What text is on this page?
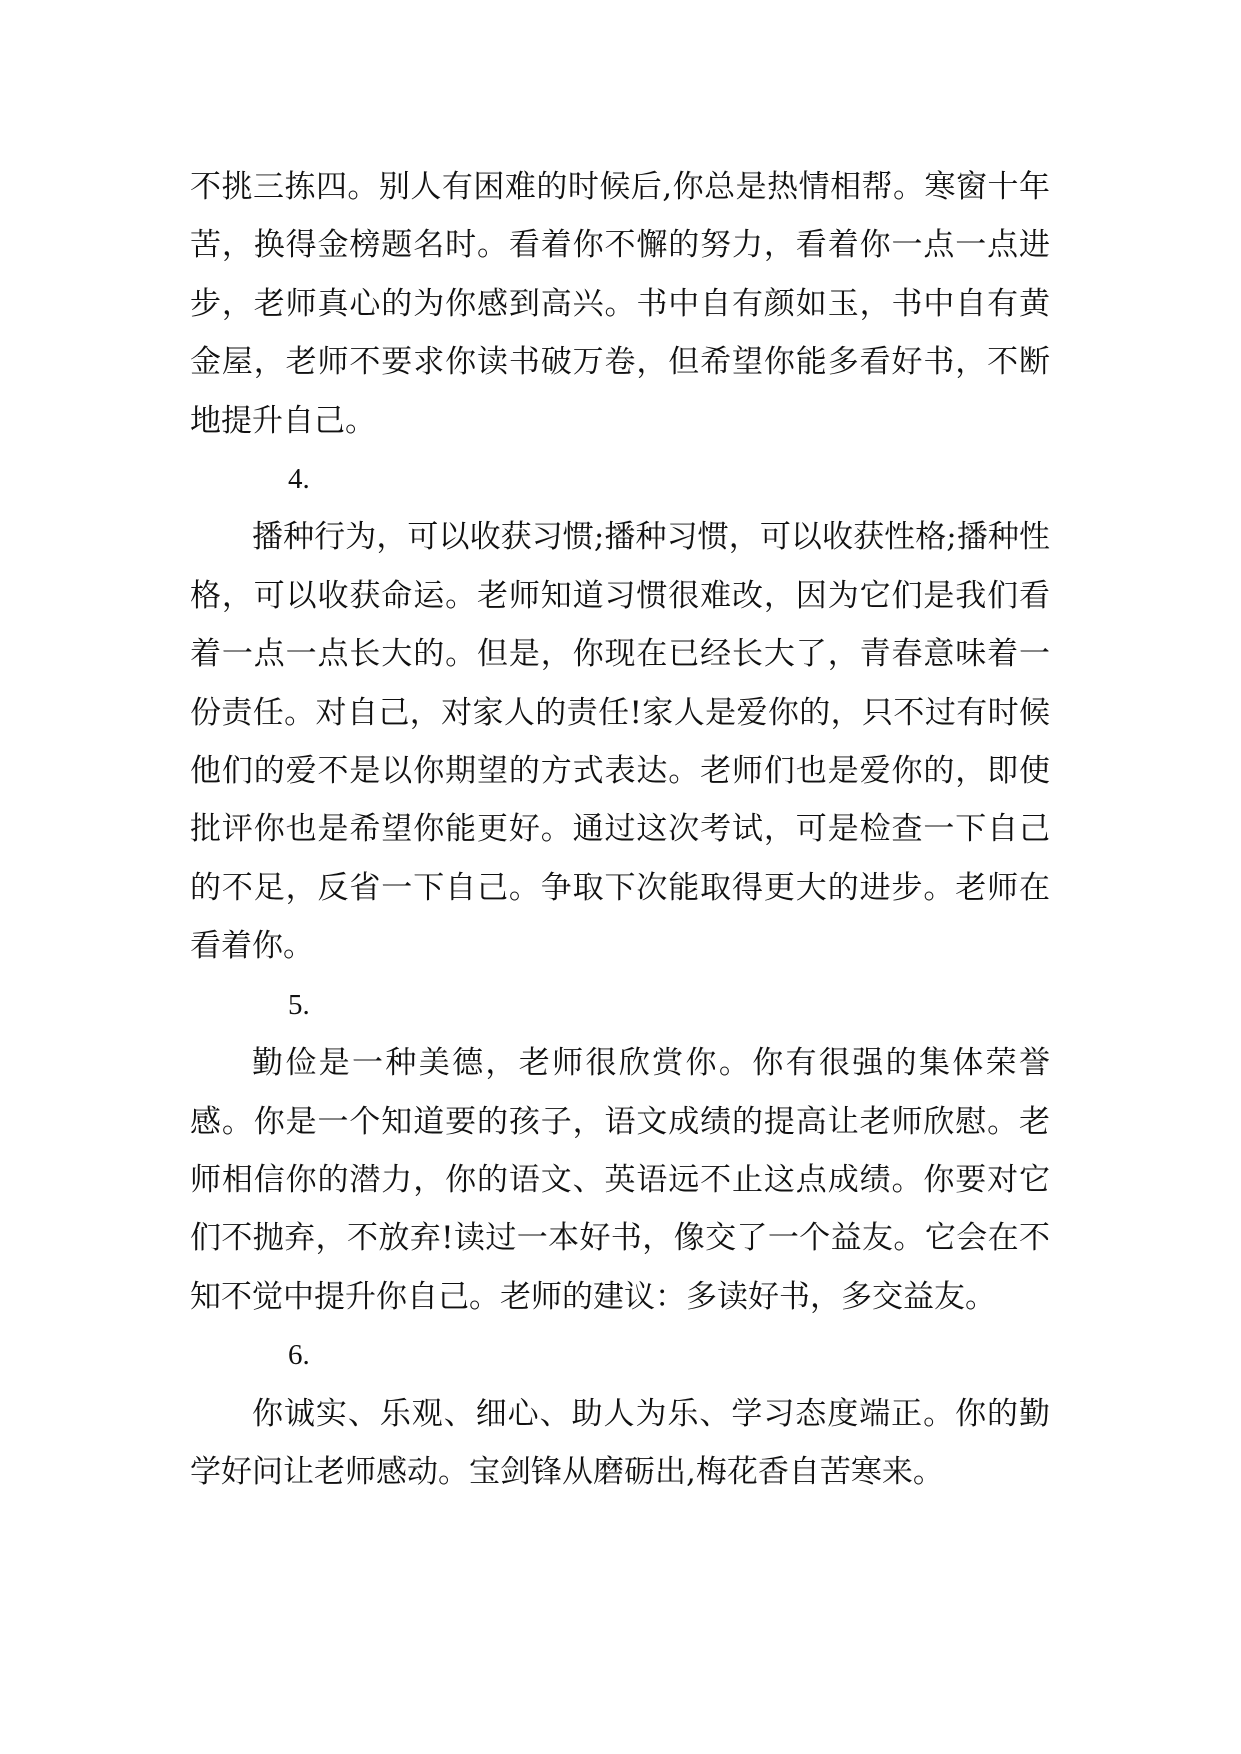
不挑三拣四。别人有困难的时候后,你总是热情相帮。寒窗十年苦，换得金榜题名时。看着你不懈的努力，看着你一点一点进步，老师真心的为你感到高兴。书中自有颜如玉，书中自有黄金屋，老师不要求你读书破万卷，但希望你能多看好书，不断地提升自己。

4.

播种行为，可以收获习惯;播种习惯，可以收获性格;播种性格，可以收获命运。老师知道习惯很难改，因为它们是我们看着一点一点长大的。但是，你现在已经长大了，青春意味着一份责任。对自己，对家人的责任!家人是爱你的，只不过有时候他们的爱不是以你期望的方式表达。老师们也是爱你的，即使批评你也是希望你能更好。通过这次考试，可是检查一下自己的不足，反省一下自己。争取下次能取得更大的进步。老师在看着你。

5.

勤俭是一种美德，老师很欣赏你。你有很强的集体荣誉感。你是一个知道要的孩子，语文成绩的提高让老师欣慰。老师相信你的潜力，你的语文、英语远不止这点成绩。你要对它们不抛弃，不放弃!读过一本好书，像交了一个益友。它会在不知不觉中提升你自己。老师的建议：多读好书，多交益友。

6.

你诚实、乐观、细心、助人为乐、学习态度端正。你的勤学好问让老师感动。宝剑锋从磨砺出,梅花香自苦寒来。
